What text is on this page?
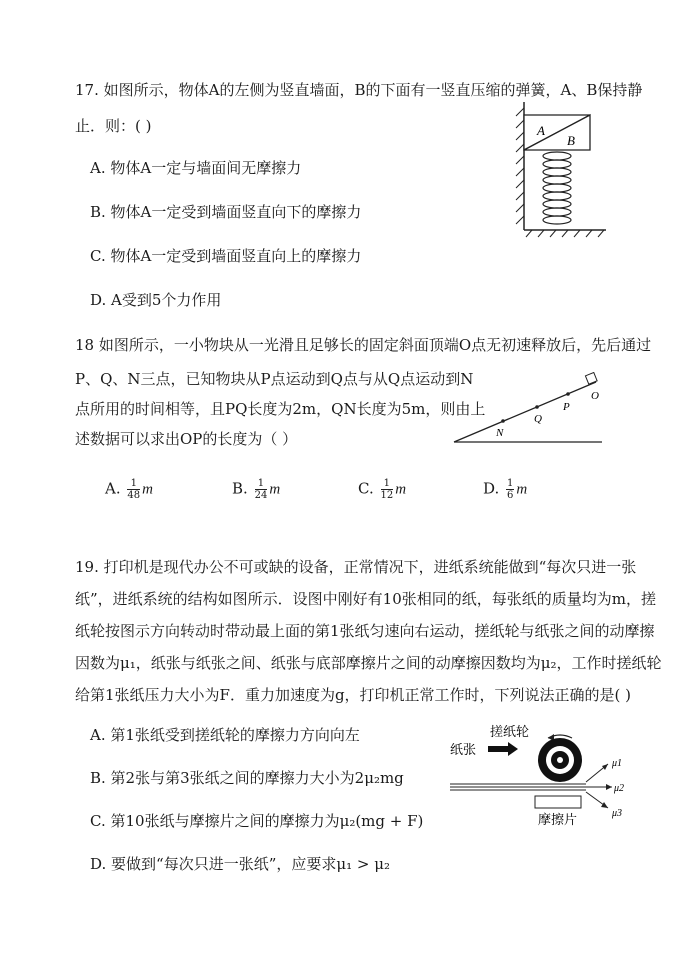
17. 如图所示，物体A的左侧为竖直墙面，B的下面有一竖直压缩的弹簧，A、B保持静
止．则：( )
A. 物体A一定与墙面间无摩擦力
B. 物体A一定受到墙面竖直向下的摩擦力
C. 物体A一定受到墙面竖直向上的摩擦力
D. A受到5个力作用
A
B
18 如图所示，一小物块从一光滑且足够长的固定斜面顶端O点无初速释放后，先后通过
P、Q、N三点，已知物块从P点运动到Q点与从Q点运动到N
点所用的时间相等，且PQ长度为2m，QN长度为5m，则由上
述数据可以求出OP的长度为（ ）
O
P
Q
N
A. $\frac{1}{48}$ m	B. $\frac{1}{24}$ m	C. $\frac{1}{12}$ m	D. $\frac{1}{6}$ m
19. 打印机是现代办公不可或缺的设备，正常情况下，进纸系统能做到“每次只进一张
纸”，进纸系统的结构如图所示．设图中刚好有10张相同的纸，每张纸的质量均为m，搓
纸轮按图示方向转动时带动最上面的第1张纸匀速向右运动，搓纸轮与纸张之间的动摩擦
因数为μ₁，纸张与纸张之间、纸张与底部摩擦片之间的动摩擦因数均为μ₂，工作时搓纸轮
给第1张纸压力大小为F．重力加速度为g，打印机正常工作时，下列说法正确的是( )
A. 第1张纸受到搓纸轮的摩擦力方向向左
B. 第2张与第3张纸之间的摩擦力大小为2μ₂mg
C. 第10张纸与摩擦片之间的摩擦力为μ₂(mg + F)
D. 要做到“每次只进一张纸”，应要求μ₁ > μ₂
搓纸轮
纸张
摩擦片
μ1
μ2
μ3
